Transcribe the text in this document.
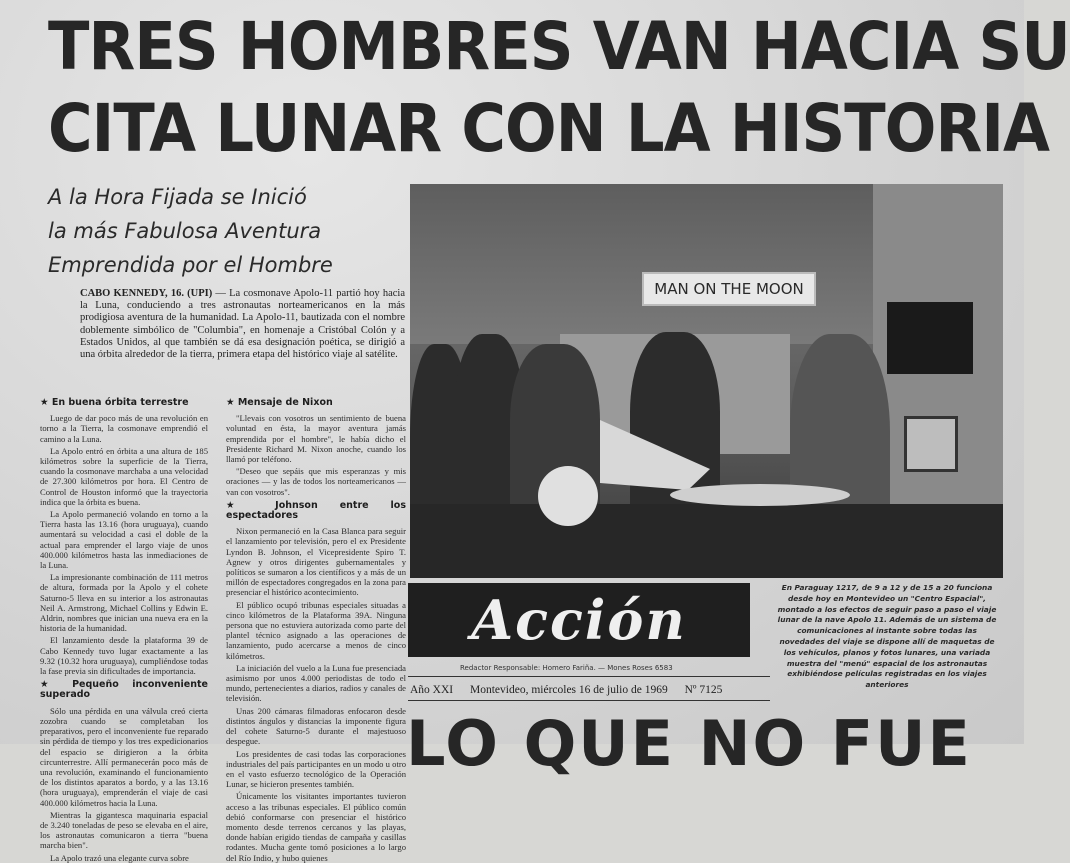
TRES HOMBRES VAN HACIA SU
CITA LUNAR CON LA HISTORIA
A la Hora Fijada se Inició
la más Fabulosa Aventura
Emprendida por el Hombre
CABO KENNEDY, 16. (UPI) — La cosmonave Apolo-11 partió hoy hacia la Luna, conduciendo a tres astronautas norteamericanos en la más prodigiosa aventura de la humanidad. La Apolo-11, bautizada con el nombre doblemente simbólico de "Columbia", en homenaje a Cristóbal Colón y a Estados Unidos, al que también se dá esa designación poética, se dirigió a una órbita alrededor de la tierra, primera etapa del histórico viaje al satélite.
★ En buena órbita terrestre

Luego de dar poco más de una revolución en torno a la Tierra, la cosmonave emprendió el camino a la Luna.

La Apolo entró en órbita a una altura de 185 kilómetros sobre la superficie de la Tierra, cuando la cosmonave marchaba a una velocidad de 27.300 kilómetros por hora. El Centro de Control de Houston informó que la trayectoria indica que la órbita es buena.

La Apolo permaneció volando en torno a la Tierra hasta las 13.16 (hora uruguaya), cuando aumentará su velocidad a casi el doble de la actual para emprender el largo viaje de unos 400.000 kilómetros hasta las inmediaciones de la Luna.

La impresionante combinación de 111 metros de altura, formada por la Apolo y el cohete Saturno-5 lleva en su interior a los astronautas Neil A. Armstrong, Michael Collins y Edwin E. Aldrin, nombres que inician una nueva era en la historia de la humanidad.

El lanzamiento desde la plataforma 39 de Cabo Kennedy tuvo lugar exactamente a las 9.32 (10.32 hora uruguaya), cumpliéndose todas la fase previa sin dificultades de importancia.

★ Pequeño inconveniente superado

Sólo una pérdida en una válvula creó cierta zozobra cuando se completaban los preparativos, pero el inconveniente fue reparado sin pérdida de tiempo y los tres expedicionarios del espacio se dirigieron a la órbita circunterrestre. Allí permanecerán poco más de una revolución, examinando el funcionamiento de los distintos aparatos a bordo, y a las 13.16 (hora uruguaya), emprenderán el viaje de casi 400.000 kilómetros hacia la Luna.

Mientras la gigantesca maquinaria espacial de 3.240 toneladas de peso se elevaba en el aire, los astronautas comunicaron a tierra "buena marcha bien".

La Apolo trazó una elegante curva sobre

★ Mensaje de Nixon

"Llevais con vosotros un sentimiento de buena voluntad en ésta, la mayor aventura jamás emprendida por el hombre", le había dicho el Presidente Richard M. Nixon anoche, cuando los llamó por teléfono.

"Deseo que sepáis que mis esperanzas y mis oraciones — y las de todos los norteamericanos — van con vosotros".

★ Johnson entre los espectadores

Nixon permaneció en la Casa Blanca para seguir el lanzamiento por televisión, pero el ex Presidente Lyndon B. Johnson, el Vicepresidente Spiro T. Agnew y otros dirigentes gubernamentales y políticos se sumaron a los científicos y a más de un millón de espectadores congregados en la zona para presenciar el histórico acontecimiento.

El público ocupó tribunas especiales situadas a cinco kilómetros de la Plataforma 39A. Ninguna persona que no estuviera autorizada como parte del plantel técnico asignado a las operaciones de lanzamiento, pudo acercarse a menos de cinco kilómetros.

La iniciación del vuelo a la Luna fue presenciada asimismo por unos 4.000 periodistas de todo el mundo, pertenecientes a diarios, radios y canales de televisión.

Unas 200 cámaras filmadoras enfocaron desde distintos ángulos y distancias la imponente figura del cohete Saturno-5 durante el majestuoso despegue.

Los presidentes de casi todas las corporaciones industriales del país participantes en un modo u otro en el vasto esfuerzo tecnológico de la Operación Lunar, se hicieron presentes también.

Únicamente los visitantes importantes tuvieron acceso a las tribunas especiales. El público común debió conformarse con presenciar el histórico momento desde terrenos cercanos y las playas, donde habían erigido tiendas de campaña y casillas rodantes. Mucha gente tomó posiciones a lo largo del Río Indio, y hubo quienes

MAN ON THE MOON
Acción
Redactor Responsable: Homero Fariña. — Mones Roses 6583
Año XXI Montevideo, miércoles 16 de julio de 1969 Nº 7125
En Paraguay 1217, de 9 a 12 y de 15 a 20 funciona desde hoy en Montevideo un "Centro Espacial", montado a los efectos de seguir paso a paso el viaje lunar de la nave Apolo 11. Además de un sistema de comunicaciones al instante sobre todas las novedades del viaje se dispone allí de maquetas de los vehículos, planos y fotos lunares, una variada muestra del "menú" espacial de los astronautas exhibiéndose películas registradas en los viajes anteriores
LO QUE NO FUE
